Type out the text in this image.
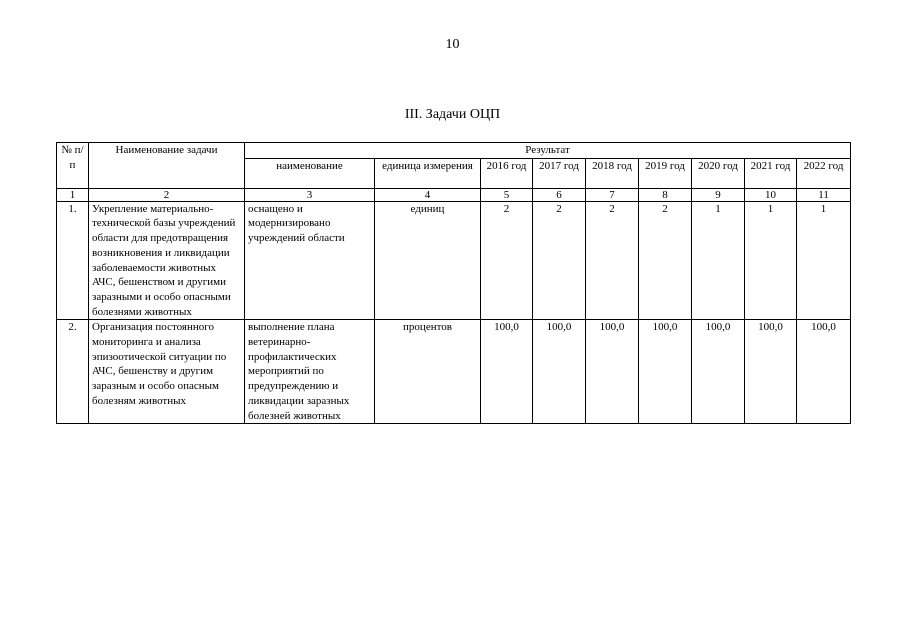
10
III. Задачи ОЦП
№ п/п	Наименование задачи	Результат								
		наименование	единица измерения	2016 год	2017 год	2018 год	2019 год	2020 год	2021 год	2022 год
1	2	3	4	5	6	7	8	9	10	11
1.	Укрепление материально-технической базы учреждений области для предотвращения возникновения и ликвидации заболеваемости животных АЧС, бешенством и другими заразными и особо опасными болезнями животных	оснащено и модернизировано учреждений области	единиц	2	2	2	2	1	1	1
2.	Организация постоянного мониторинга и анализа эпизоотической ситуации по АЧС, бешенству и другим заразным и особо опасным болезням животных	выполнение плана ветеринарно-профилактических мероприятий по предупреждению и ликвидации заразных болезней животных	процентов	100,0	100,0	100,0	100,0	100,0	100,0	100,0
